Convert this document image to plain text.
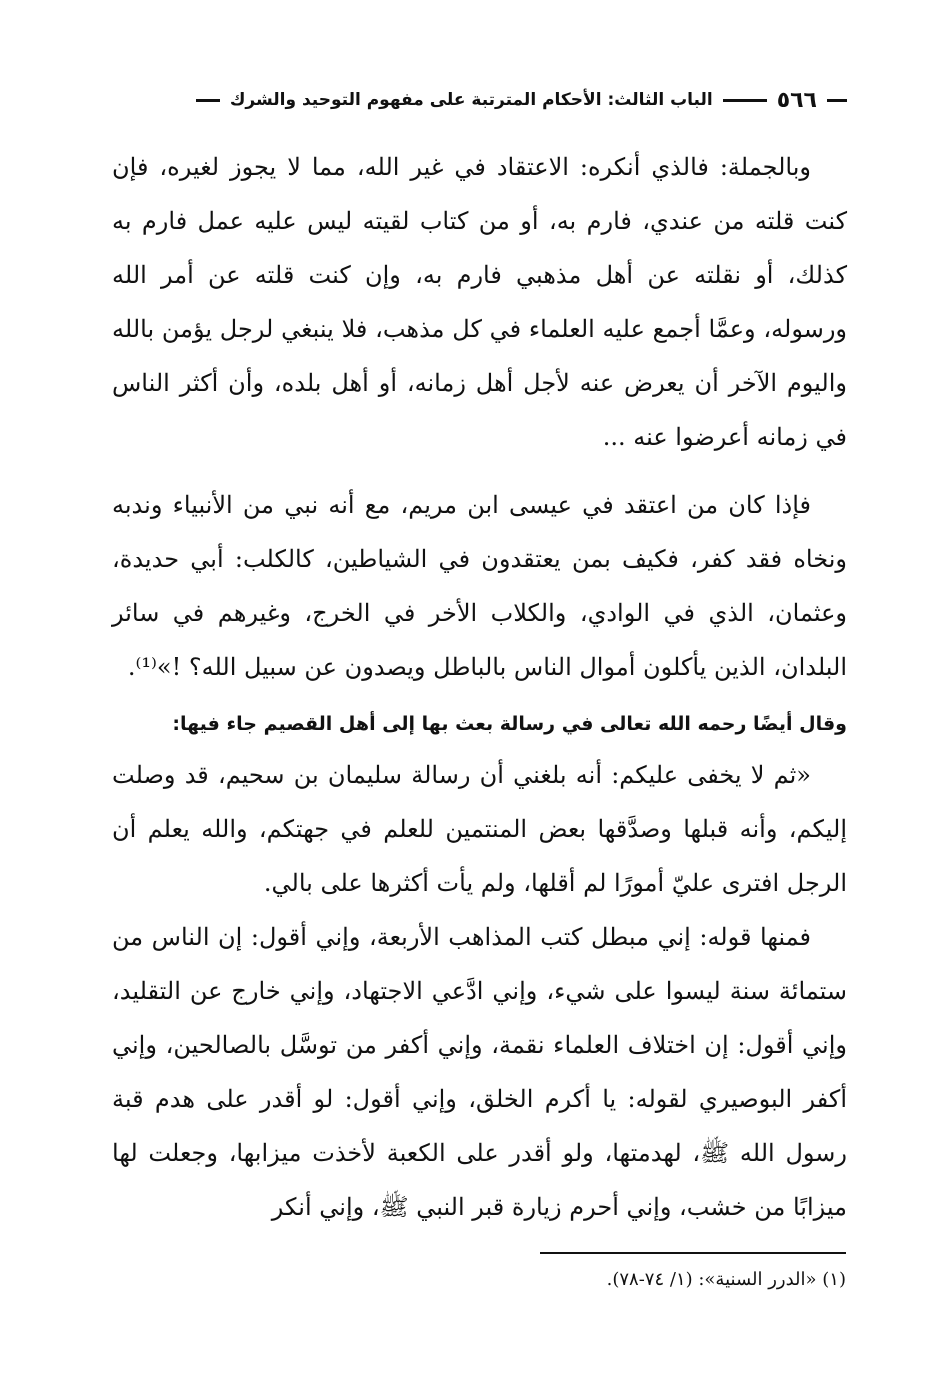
٥٦٦
الباب الثالث: الأحكام المترتبة على مفهوم التوحيد والشرك

وبالجملة: فالذي أنكره: الاعتقاد في غير الله، مما لا يجوز لغيره، فإن كنت قلته من عندي، فارم به، أو من كتاب لقيته ليس عليه عمل فارم به كذلك، أو نقلته عن أهل مذهبي فارم به، وإن كنت قلته عن أمر الله ورسوله، وعمَّا أجمع عليه العلماء في كل مذهب، فلا ينبغي لرجل يؤمن بالله واليوم الآخر أن يعرض عنه لأجل أهل زمانه، أو أهل بلده، وأن أكثر الناس في زمانه أعرضوا عنه ...

فإذا كان من اعتقد في عيسى ابن مريم، مع أنه نبي من الأنبياء وندبه ونخاه فقد كفر، فكيف بمن يعتقدون في الشياطين، كالكلب: أبي حديدة، وعثمان، الذي في الوادي، والكلاب الأخر في الخرج، وغيرهم في سائر البلدان، الذين يأكلون أموال الناس بالباطل ويصدون عن سبيل الله؟ !»⁽¹⁾.

وقال أيضًا رحمه الله تعالى في رسالة بعث بها إلى أهل القصيم جاء فيها:

«ثم لا يخفى عليكم: أنه بلغني أن رسالة سليمان بن سحيم، قد وصلت إليكم، وأنه قبلها وصدَّقها بعض المنتمين للعلم في جهتكم، والله يعلم أن الرجل افترى عليّ أمورًا لم أقلها، ولم يأت أكثرها على بالي.

فمنها قوله: إني مبطل كتب المذاهب الأربعة، وإني أقول: إن الناس من ستمائة سنة ليسوا على شيء، وإني ادَّعي الاجتهاد، وإني خارج عن التقليد، وإني أقول: إن اختلاف العلماء نقمة، وإني أكفر من توسَّل بالصالحين، وإني أكفر البوصيري لقوله: يا أكرم الخلق، وإني أقول: لو أقدر على هدم قبة رسول الله ﷺ، لهدمتها، ولو أقدر على الكعبة لأخذت ميزابها، وجعلت لها ميزابًا من خشب، وإني أحرم زيارة قبر النبي ﷺ، وإني أنكر

(١) «الدرر السنية»: (١/ ٧٤-٧٨).
